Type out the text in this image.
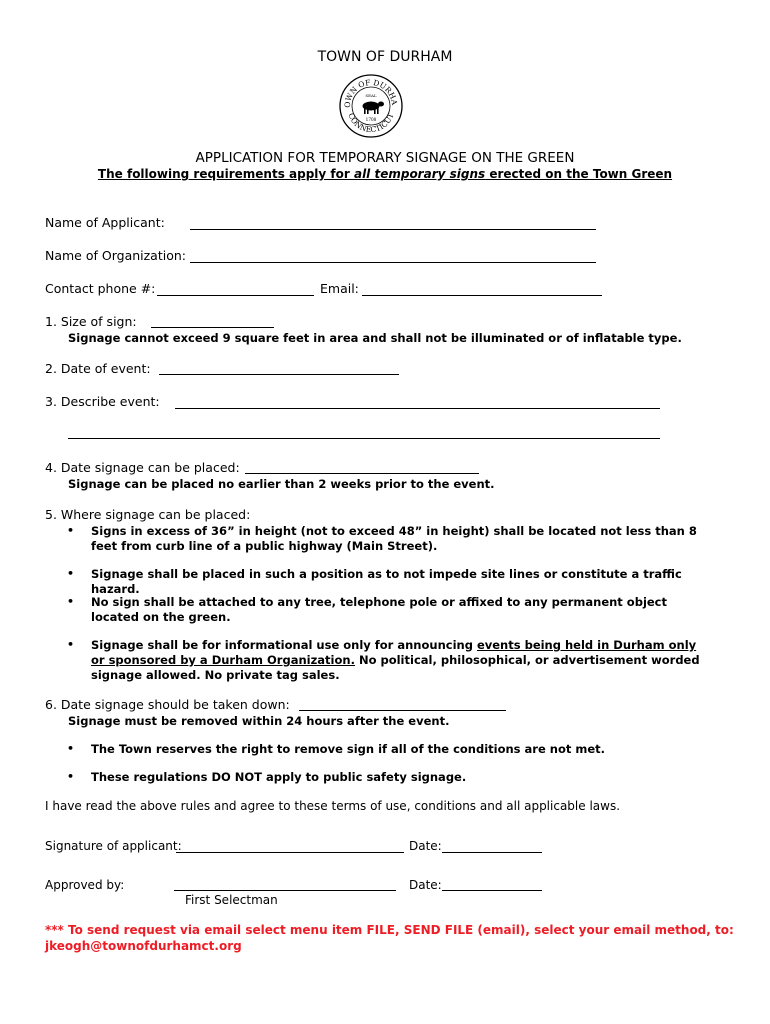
TOWN OF DURHAM
OWN OF DURHA
CONNECTICUT
SEAL
1708
APPLICATION FOR TEMPORARY SIGNAGE ON THE GREEN
The following requirements apply for all temporary signs erected on the Town Green
Name of Applicant:
Name of Organization:
Contact phone #:	Email:
1. Size of sign:
Signage cannot exceed 9 square feet in area and shall not be illuminated or of inflatable type.
2. Date of event:
3. Describe event:
4. Date signage can be placed:
Signage can be placed no earlier than 2 weeks prior to the event.
5. Where signage can be placed:
• Signs in excess of 36” in height (not to exceed 48” in height) shall be located not less than 8 feet from curb line of a public highway (Main Street).
• Signage shall be placed in such a position as to not impede site lines or constitute a traffic hazard.
• No sign shall be attached to any tree, telephone pole or affixed to any permanent object located on the green.
• Signage shall be for informational use only for announcing events being held in Durham only or sponsored by a Durham Organization. No political, philosophical, or advertisement worded signage allowed. No private tag sales.
6. Date signage should be taken down:
Signage must be removed within 24 hours after the event.
• The Town reserves the right to remove sign if all of the conditions are not met.
• These regulations DO NOT apply to public safety signage.
I have read the above rules and agree to these terms of use, conditions and all applicable laws.
Signature of applicant:	Date:
Approved by:	Date:
First Selectman
*** To send request via email select menu item FILE, SEND FILE (email), select your email method, to:
jkeogh@townofdurhamct.org
